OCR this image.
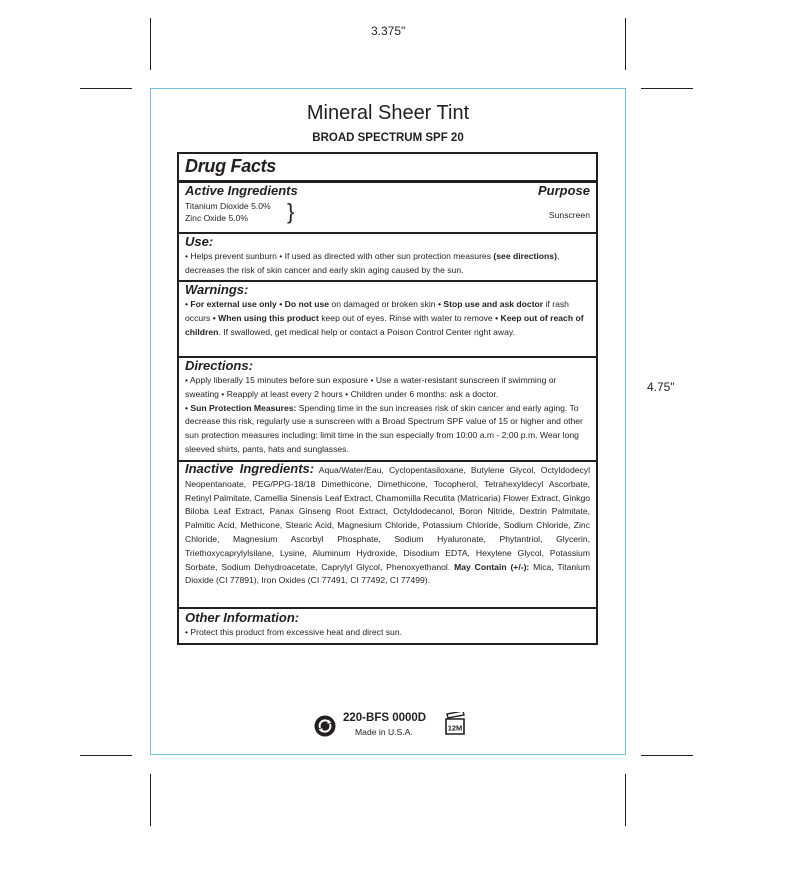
3.375"
4.75"
Mineral Sheer Tint
BROAD SPECTRUM SPF 20
Drug Facts
Active Ingredients	Purpose
Titanium Dioxide 5.0%
Zinc Oxide 5.0%	}	Sunscreen
Use:
• Helps prevent sunburn • If used as directed with other sun protection measures (see directions), decreases the risk of skin cancer and early skin aging caused by the sun.
Warnings:
• For external use only • Do not use on damaged or broken skin • Stop use and ask doctor if rash occurs • When using this product keep out of eyes. Rinse with water to remove • Keep out of reach of children. If swallowed, get medical help or contact a Poison Control Center right away.
Directions:
• Apply liberally 15 minutes before sun exposure • Use a water-resistant sunscreen if swimming or sweating • Reapply at least every 2 hours • Children under 6 months: ask a doctor.
• Sun Protection Measures: Spending time in the sun increases risk of skin cancer and early aging. To decrease this risk, regularly use a sunscreen with a Broad Spectrum SPF value of 15 or higher and other sun protection measures including: limit time in the sun especially from 10:00 a.m - 2:00 p.m. Wear long sleeved shirts, pants, hats and sunglasses.
Inactive Ingredients: Aqua/Water/Eau, Cyclopentasiloxane, Butylene Glycol, Octyldodecyl Neopentanoate, PEG/PPG-18/18 Dimethicone, Dimethicone, Tocopherol, Tetrahexyldecyl Ascorbate, Retinyl Palmitate, Camellia Sinensis Leaf Extract, Chamomilla Recutita (Matricaria) Flower Extract, Ginkgo Biloba Leaf Extract, Panax Ginseng Root Extract, Octyldodecanol, Boron Nitride, Dextrin Palmitate, Palmitic Acid, Methicone, Stearic Acid, Magnesium Chloride, Potassium Chloride, Sodium Chloride, Zinc Chloride, Magnesium Ascorbyl Phosphate, Sodium Hyaluronate, Phytantriol, Glycerin, Triethoxycaprylylsilane, Lysine, Aluminum Hydroxide, Disodium EDTA, Hexylene Glycol, Potassium Sorbate, Sodium Dehydroacetate, Caprylyl Glycol, Phenoxyethanol. May Contain (+/-): Mica, Titanium Dioxide (CI 77891), Iron Oxides (CI 77491, CI 77492, CI 77499).
Other Information:
• Protect this product from excessive heat and direct sun.
220-BFS 0000D
Made in U.S.A.	12M
